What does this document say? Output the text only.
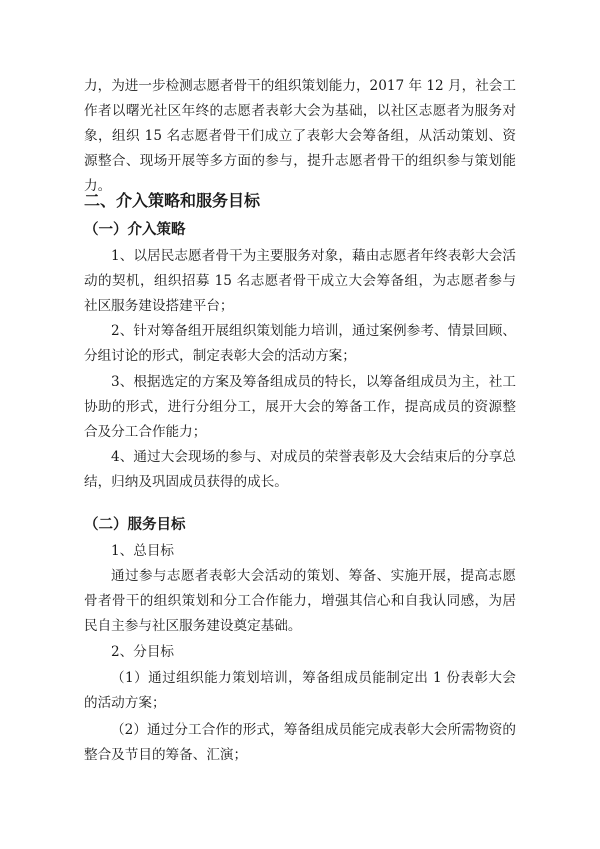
力，为进一步检测志愿者骨干的组织策划能力，2017 年 12 月，社会工作者以曙光社区年终的志愿者表彰大会为基础，以社区志愿者为服务对象，组织 15 名志愿者骨干们成立了表彰大会筹备组，从活动策划、资源整合、现场开展等多方面的参与，提升志愿者骨干的组织参与策划能力。

二、介入策略和服务目标
（一）介入策略

1、以居民志愿者骨干为主要服务对象，藉由志愿者年终表彰大会活动的契机，组织招募 15 名志愿者骨干成立大会筹备组，为志愿者参与社区服务建设搭建平台；

2、针对筹备组开展组织策划能力培训，通过案例参考、情景回顾、分组讨论的形式，制定表彰大会的活动方案；

3、根据选定的方案及筹备组成员的特长，以筹备组成员为主，社工协助的形式，进行分组分工，展开大会的筹备工作，提高成员的资源整合及分工合作能力；

4、通过大会现场的参与、对成员的荣誉表彰及大会结束后的分享总结，归纳及巩固成员获得的成长。

（二）服务目标

1、总目标

通过参与志愿者表彰大会活动的策划、筹备、实施开展，提高志愿骨者骨干的组织策划和分工合作能力，增强其信心和自我认同感，为居民自主参与社区服务建设奠定基础。

2、分目标

（1）通过组织能力策划培训，筹备组成员能制定出 1 份表彰大会的活动方案；

（2）通过分工合作的形式，筹备组成员能完成表彰大会所需物资的整合及节目的筹备、汇演；
